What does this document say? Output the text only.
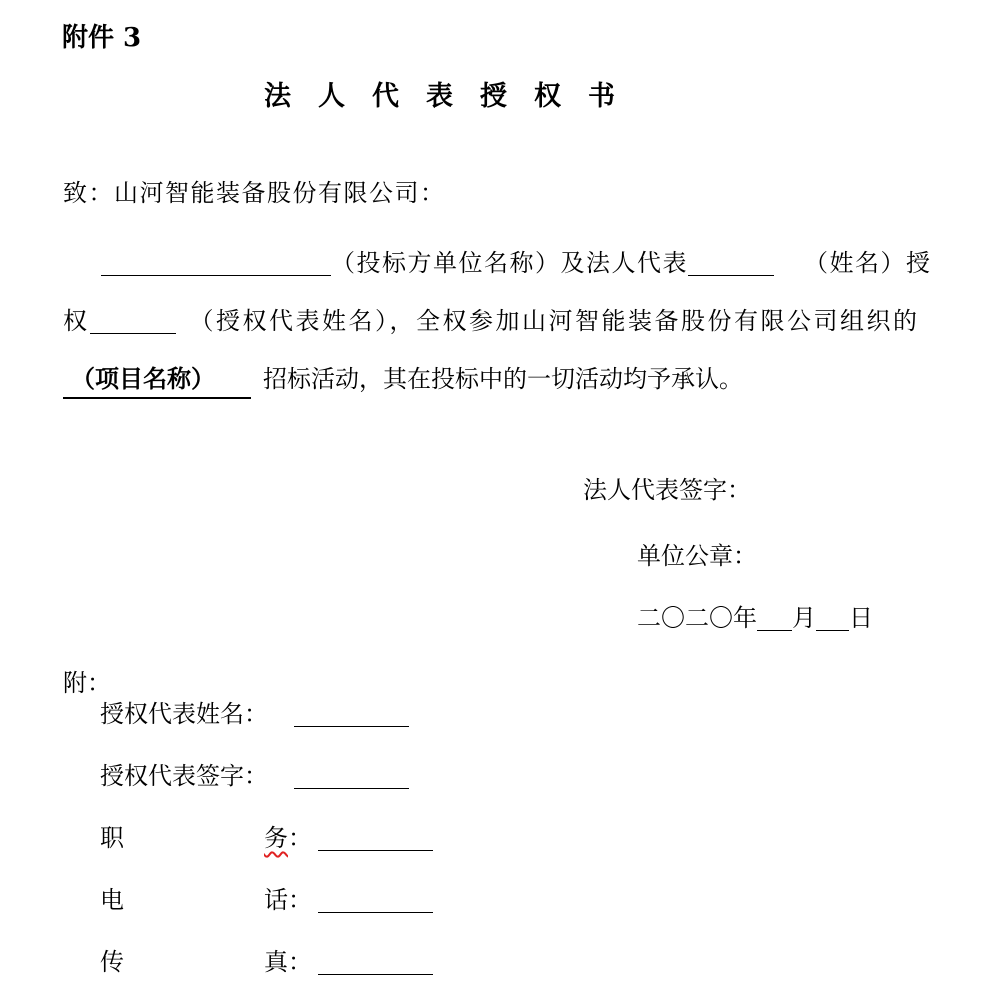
附件 3
法　人　代　表　授　权　书
致：山河智能装备股份有限公司：
（投标方单位名称）及法人代表	（姓名）授
权	（授权代表姓名），全权参加山河智能装备股份有限公司组织的
（项目名称） 招标活动，其在投标中的一切活动均予承认。
法人代表签字：
单位公章：
二〇二〇年 月 日
附：
授权代表姓名：
授权代表签字：
职	务：
电	话：
传	真：
